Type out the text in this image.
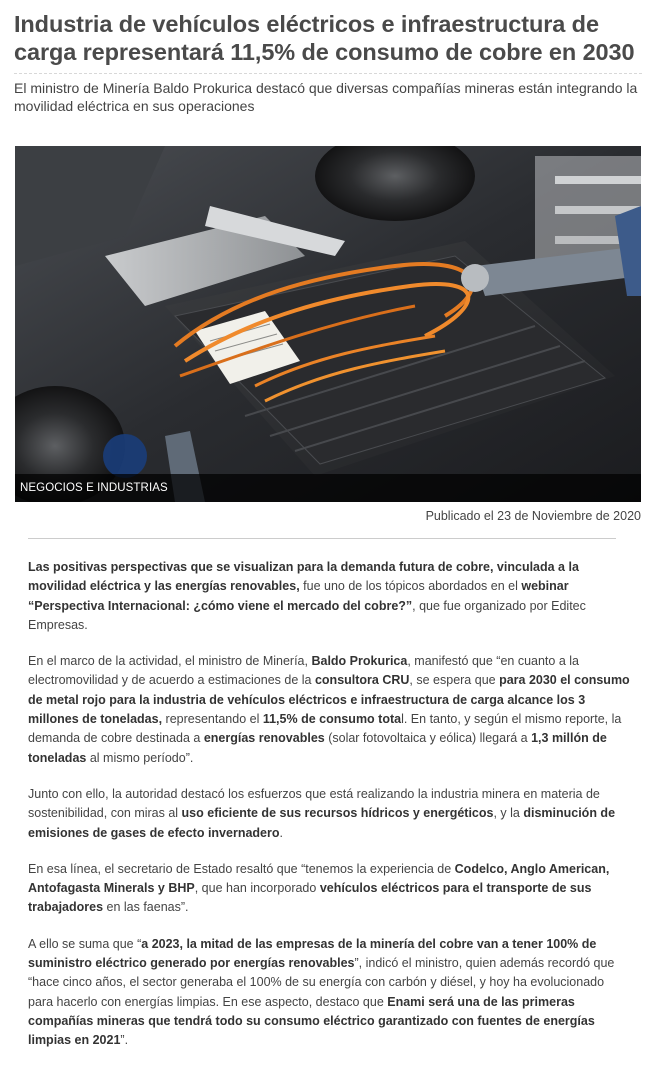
Industria de vehículos eléctricos e infraestructura de carga representará 11,5% de consumo de cobre en 2030

El ministro de Minería Baldo Prokurica destacó que diversas compañías mineras están integrando la movilidad eléctrica en sus operaciones

NEGOCIOS E INDUSTRIAS
Publicado el 23 de Noviembre de 2020

Las positivas perspectivas que se visualizan para la demanda futura de cobre, vinculada a la movilidad eléctrica y las energías renovables, fue uno de los tópicos abordados en el webinar “Perspectiva Internacional: ¿cómo viene el mercado del cobre?”, que fue organizado por Editec Empresas.

En el marco de la actividad, el ministro de Minería, Baldo Prokurica, manifestó que “en cuanto a la electromovilidad y de acuerdo a estimaciones de la consultora CRU, se espera que para 2030 el consumo de metal rojo para la industria de vehículos eléctricos e infraestructura de carga alcance los 3 millones de toneladas, representando el 11,5% de consumo total. En tanto, y según el mismo reporte, la demanda de cobre destinada a energías renovables (solar fotovoltaica y eólica) llegará a 1,3 millón de toneladas al mismo período”.

Junto con ello, la autoridad destacó los esfuerzos que está realizando la industria minera en materia de sostenibilidad, con miras al uso eficiente de sus recursos hídricos y energéticos, y la disminución de emisiones de gases de efecto invernadero.

En esa línea, el secretario de Estado resaltó que “tenemos la experiencia de Codelco, Anglo American, Antofagasta Minerals y BHP, que han incorporado vehículos eléctricos para el transporte de sus trabajadores en las faenas”.

A ello se suma que “a 2023, la mitad de las empresas de la minería del cobre van a tener 100% de suministro eléctrico generado por energías renovables”, indicó el ministro, quien además recordó que “hace cinco años, el sector generaba el 100% de su energía con carbón y diésel, y hoy ha evolucionado para hacerlo con energías limpias. En ese aspecto, destaco que Enami será una de las primeras compañías mineras que tendrá todo su consumo eléctrico garantizado con fuentes de energías limpias en 2021”.
